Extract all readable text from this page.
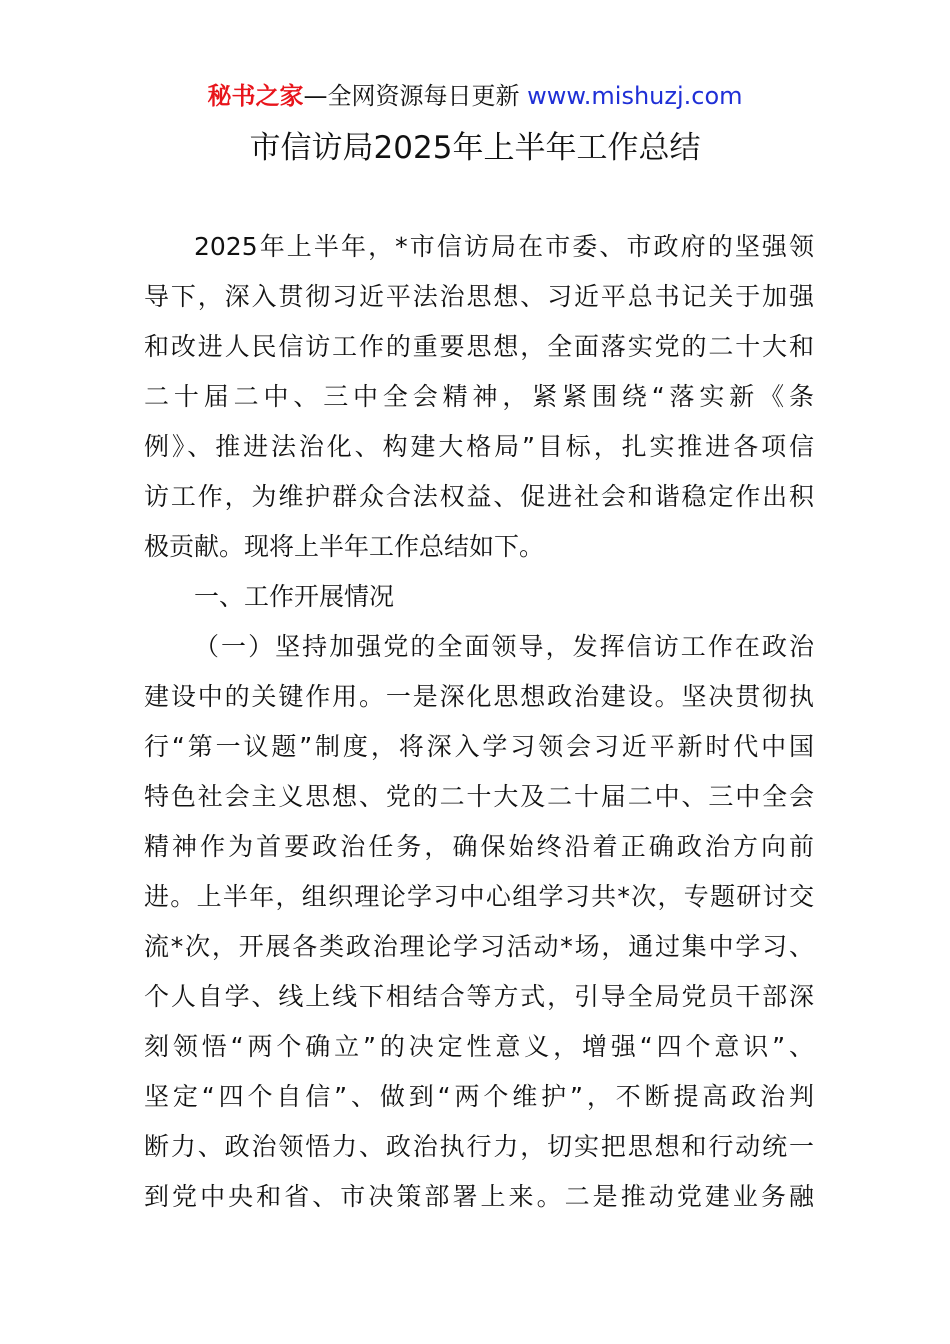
秘书之家—全网资源每日更新 www.mishuzj.com
市信访局2025年上半年工作总结
2025年上半年，*市信访局在市委、市政府的坚强领
导下，深入贯彻习近平法治思想、习近平总书记关于加强
和改进人民信访工作的重要思想，全面落实党的二十大和
二十届二中、三中全会精神，紧紧围绕“落实新《条
例》、推进法治化、构建大格局”目标，扎实推进各项信
访工作，为维护群众合法权益、促进社会和谐稳定作出积
极贡献。现将上半年工作总结如下。
一、工作开展情况
（一）坚持加强党的全面领导，发挥信访工作在政治
建设中的关键作用。一是深化思想政治建设。坚决贯彻执
行“第一议题”制度，将深入学习领会习近平新时代中国
特色社会主义思想、党的二十大及二十届二中、三中全会
精神作为首要政治任务，确保始终沿着正确政治方向前
进。上半年，组织理论学习中心组学习共*次，专题研讨交
流*次，开展各类政治理论学习活动*场，通过集中学习、
个人自学、线上线下相结合等方式，引导全局党员干部深
刻领悟“两个确立”的决定性意义，增强“四个意识”、
坚定“四个自信”、做到“两个维护”，不断提高政治判
断力、政治领悟力、政治执行力，切实把思想和行动统一
到党中央和省、市决策部署上来。二是推动党建业务融
